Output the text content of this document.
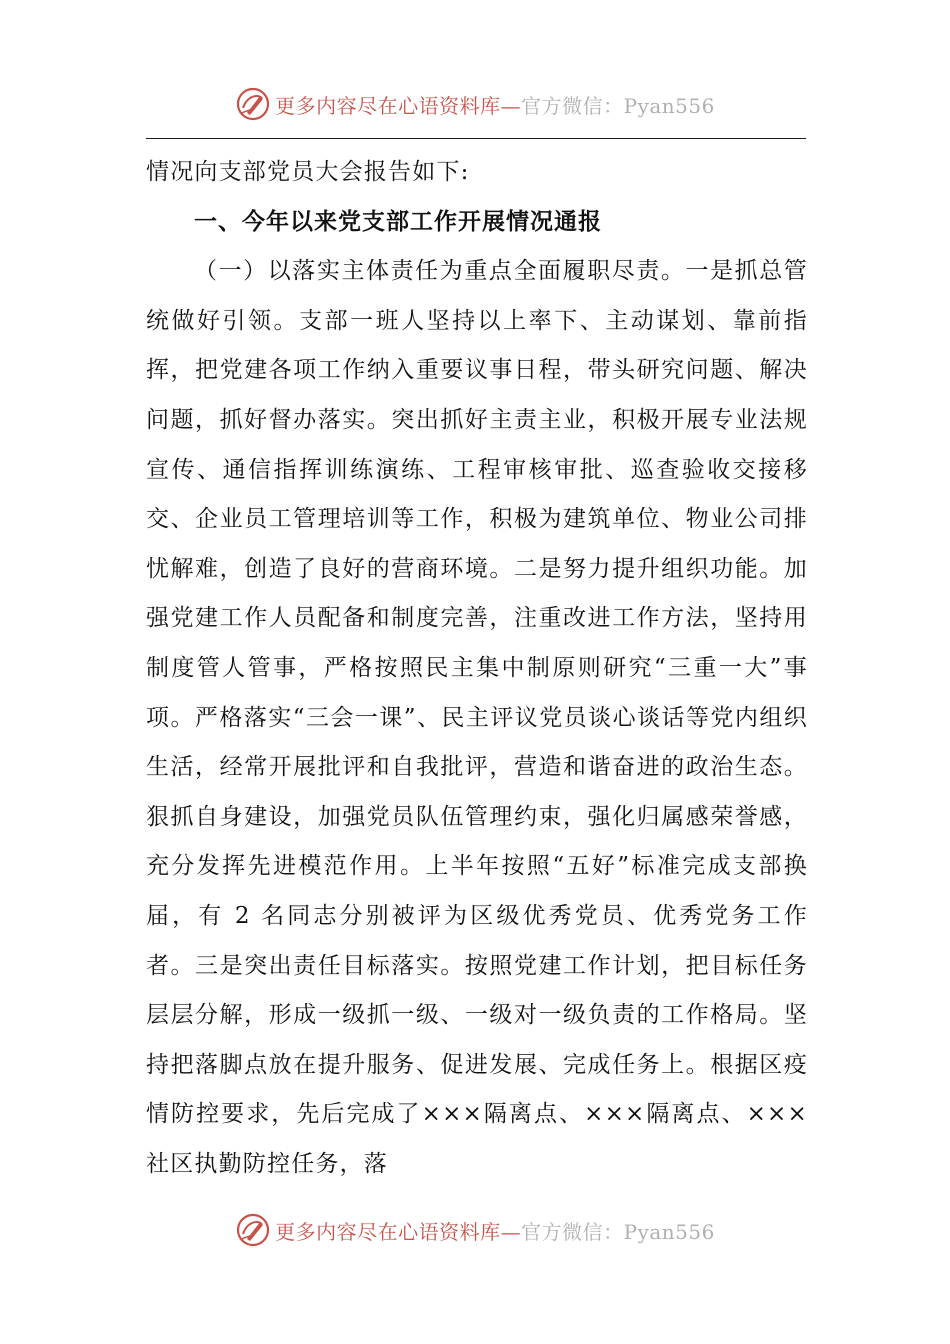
更多内容尽在心语资料库—官方微信：Pyan556

情况向支部党员大会报告如下:

一、今年以来党支部工作开展情况通报

（一）以落实主体责任为重点全面履职尽责。一是抓总管统做好引领。支部一班人坚持以上率下、主动谋划、靠前指挥，把党建各项工作纳入重要议事日程，带头研究问题、解决问题，抓好督办落实。突出抓好主责主业，积极开展专业法规宣传、通信指挥训练演练、工程审核审批、巡查验收交接移交、企业员工管理培训等工作，积极为建筑单位、物业公司排忧解难，创造了良好的营商环境。二是努力提升组织功能。加强党建工作人员配备和制度完善，注重改进工作方法，坚持用制度管人管事，严格按照民主集中制原则研究“三重一大”事项。严格落实“三会一课”、民主评议党员谈心谈话等党内组织生活，经常开展批评和自我批评，营造和谐奋进的政治生态。狠抓自身建设，加强党员队伍管理约束，强化归属感荣誉感，充分发挥先进模范作用。上半年按照“五好”标准完成支部换届，有 2 名同志分别被评为区级优秀党员、优秀党务工作者。三是突出责任目标落实。按照党建工作计划，把目标任务层层分解，形成一级抓一级、一级对一级负责的工作格局。坚持把落脚点放在提升服务、促进发展、完成任务上。根据区疫情防控要求，先后完成了×××隔离点、×××隔离点、×××社区执勤防控任务，落

更多内容尽在心语资料库—官方微信：Pyan556
